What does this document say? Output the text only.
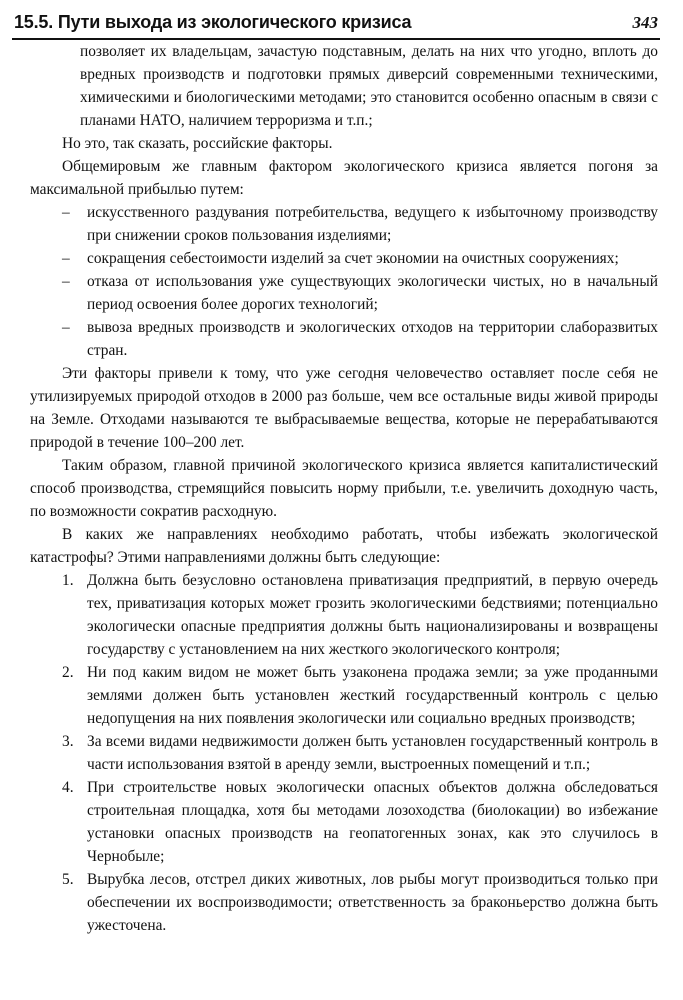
15.5. Пути выхода из экологического кризиса	343

позволяет их владельцам, зачастую подставным, делать на них что угодно, вплоть до вредных производств и подготовки прямых диверсий современными техническими, химическими и биологическими методами; это становится особенно опасным в связи с планами НАТО, наличием терроризма и т.п.;

Но это, так сказать, российские факторы.

Общемировым же главным фактором экологического кризиса является погоня за максимальной прибылью путем:

– искусственного раздувания потребительства, ведущего к избыточному производству при снижении сроков пользования изделиями;
– сокращения себестоимости изделий за счет экономии на очистных сооружениях;
– отказа от использования уже существующих экологически чистых, но в начальный период освоения более дорогих технологий;
– вывоза вредных производств и экологических отходов на территории слаборазвитых стран.

Эти факторы привели к тому, что уже сегодня человечество оставляет после себя не утилизируемых природой отходов в 2000 раз больше, чем все остальные виды живой природы на Земле. Отходами называются те выбрасываемые вещества, которые не перерабатываются природой в течение 100–200 лет.

Таким образом, главной причиной экологического кризиса является капиталистический способ производства, стремящийся повысить норму прибыли, т.е. увеличить доходную часть, по возможности сократив расходную.

В каких же направлениях необходимо работать, чтобы избежать экологической катастрофы? Этими направлениями должны быть следующие:

1. Должна быть безусловно остановлена приватизация предприятий, в первую очередь тех, приватизация которых может грозить экологическими бедствиями; потенциально экологически опасные предприятия должны быть национализированы и возвращены государству с установлением на них жесткого экологического контроля;
2. Ни под каким видом не может быть узаконена продажа земли; за уже проданными землями должен быть установлен жесткий государственный контроль с целью недопущения на них появления экологически или социально вредных производств;
3. За всеми видами недвижимости должен быть установлен государственный контроль в части использования взятой в аренду земли, выстроенных помещений и т.п.;
4. При строительстве новых экологически опасных объектов должна обследоваться строительная площадка, хотя бы методами лозоходства (биолокации) во избежание установки опасных производств на геопатогенных зонах, как это случилось в Чернобыле;
5. Вырубка лесов, отстрел диких животных, лов рыбы могут производиться только при обеспечении их воспроизводимости; ответственность за браконьерство должна быть ужесточена.
